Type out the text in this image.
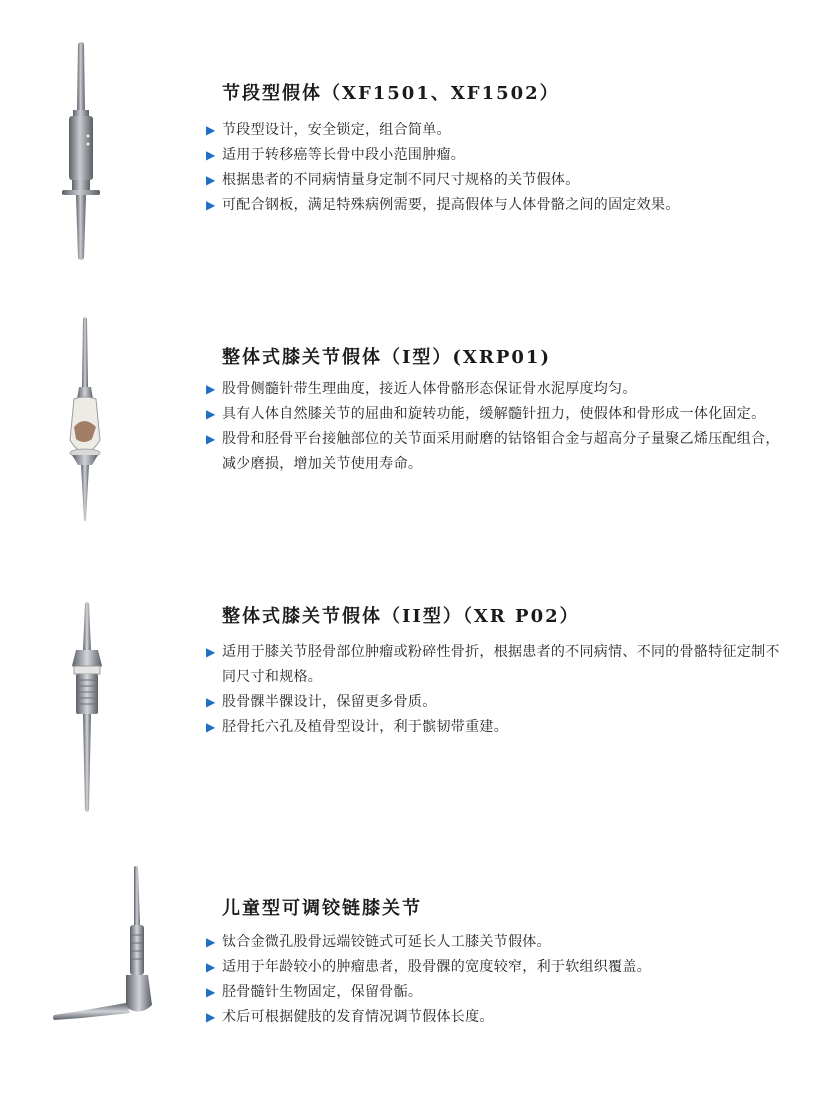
节段型假体（XF1501、XF1502）
▶ 节段型设计，安全锁定，组合简单。
▶ 适用于转移癌等长骨中段小范围肿瘤。
▶ 根据患者的不同病情量身定制不同尺寸规格的关节假体。
▶ 可配合钢板，满足特殊病例需要，提高假体与人体骨骼之间的固定效果。
整体式膝关节假体（I型）(XRP01)
▶ 股骨侧髓针带生理曲度，接近人体骨骼形态保证骨水泥厚度均匀。
▶ 具有人体自然膝关节的屈曲和旋转功能，缓解髓针扭力，使假体和骨形成一体化固定。
▶ 股骨和胫骨平台接触部位的关节面采用耐磨的钴铬钼合金与超高分子量聚乙烯压配组合，减少磨损，增加关节使用寿命。
整体式膝关节假体（II型）（XR P02）
▶ 适用于膝关节胫骨部位肿瘤或粉碎性骨折，根据患者的不同病情、不同的骨骼特征定制不同尺寸和规格。
▶ 股骨髁半髁设计，保留更多骨质。
▶ 胫骨托六孔及植骨型设计，利于髌韧带重建。
儿童型可调铰链膝关节
▶ 钛合金微孔股骨远端铰链式可延长人工膝关节假体。
▶ 适用于年龄较小的肿瘤患者，股骨髁的宽度较窄，利于软组织覆盖。
▶ 胫骨髓针生物固定，保留骨骺。
▶ 术后可根据健肢的发育情况调节假体长度。
